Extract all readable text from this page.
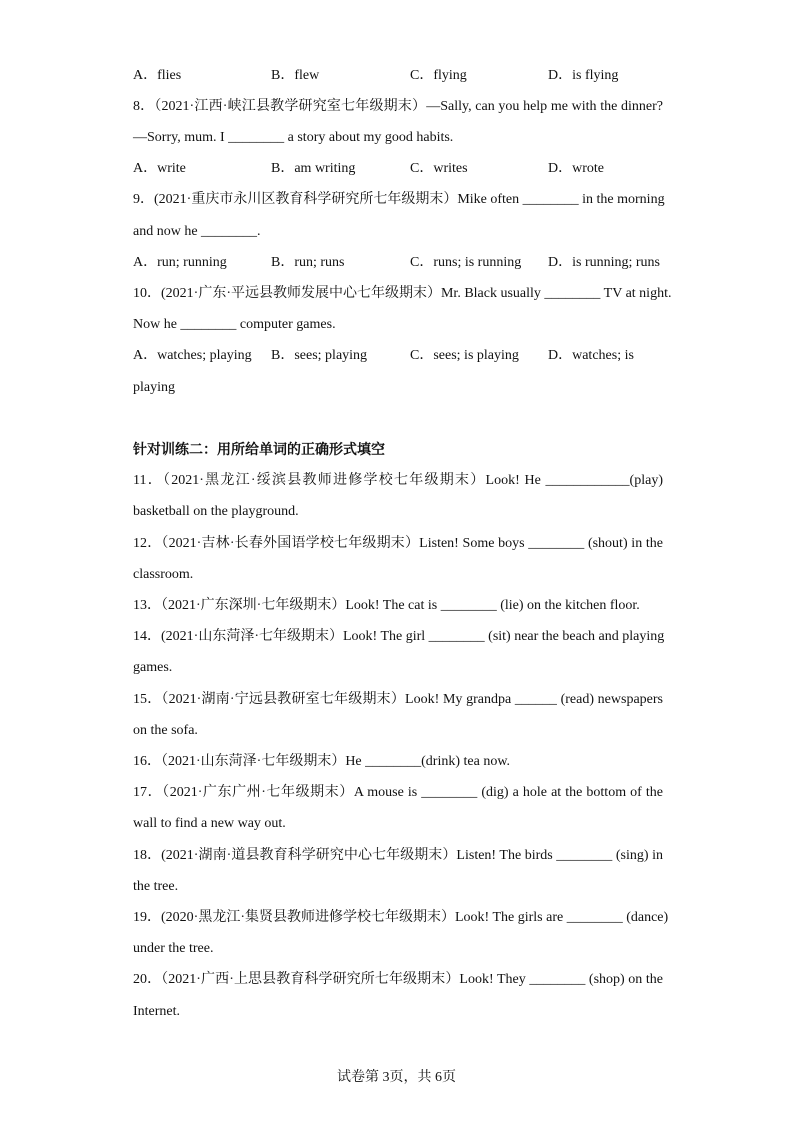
A．flies	B．flew	C．flying	D．is flying
8．（2021·江西·峡江县教学研究室七年级期末）—Sally, can you help me with the dinner?
—Sorry, mum. I ________ a story about my good habits.
A．write	B．am writing	C．writes	D．wrote
9．(2021·重庆市永川区教育科学研究所七年级期末）Mike often ________ in the morning
and now he ________.
A．run; running	B．run; runs	C．runs; is running D．is running; runs
10．(2021·广东·平远县教师发展中心七年级期末）Mr. Black usually ________ TV at night.
Now he ________ computer games.
A．watches; playing B．sees; playing	C．sees; is playing D．watches; is
playing
针对训练二：用所给单词的正确形式填空
11．（2021·黑龙江·绥滨县教师进修学校七年级期末）Look! He ____________(play)
basketball on the playground.
12．（2021·吉林·长春外国语学校七年级期末）Listen! Some boys ________ (shout) in the
classroom.
13．（2021·广东深圳·七年级期末）Look! The cat is ________ (lie) on the kitchen floor.
14．(2021·山东菏泽·七年级期末）Look! The girl ________ (sit) near the beach and playing
games.
15．（2021·湖南·宁远县教研室七年级期末）Look! My grandpa ______ (read) newspapers
on the sofa.
16．（2021·山东菏泽·七年级期末）He ________(drink) tea now.
17．（2021·广东广州·七年级期末）A mouse is ________ (dig) a hole at the bottom of the
wall to find a new way out.
18．(2021·湖南·道县教育科学研究中心七年级期末）Listen! The birds ________ (sing) in
the tree.
19．(2020·黑龙江·集贤县教师进修学校七年级期末）Look! The girls are ________ (dance)
under the tree.
20．（2021·广西·上思县教育科学研究所七年级期末）Look! They ________ (shop) on the
Internet.
试卷第 3页，共 6页
